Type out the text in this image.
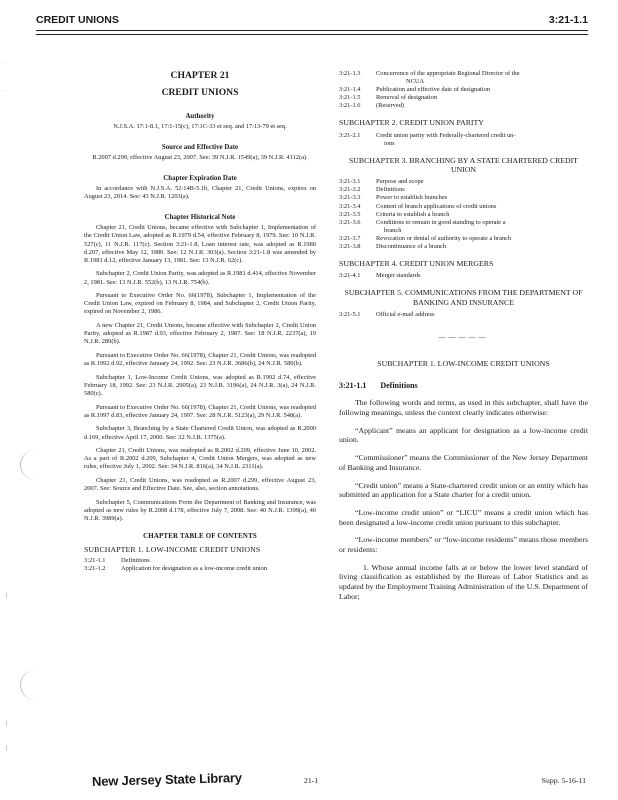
CREDIT UNIONS	3:21-1.1
CHAPTER 21
CREDIT UNIONS
Authority

N.J.S.A. 17:1-8.1, 17:1-15(c), 17:1C-33 et seq. and 17:13-79 et seq.

Source and Effective Date

R.2007 d.299, effective August 23, 2007. See: 39 N.J.R. 1549(a), 39 N.J.R. 4112(a).

Chapter Expiration Date

In accordance with N.J.S.A. 52:14B-5.1b, Chapter 21, Credit Unions, expires on August 23, 2014. See: 43 N.J.R. 1203(a).

Chapter Historical Note

Chapter 21, Credit Unions, became effective with Subchapter 1, Implementation of the Credit Union Law, adopted as R.1979 d.54, effective February 8, 1979. See: 10 N.J.R. 527(c), 11 N.J.R. 117(c). Section 3:21-1.8, Loan interest rate, was adopted as R.1980 d.207, effective May 12, 1980. See: 12 N.J.R. 303(a). Section 3:21-1.8 was amended by R.1981 d.12, effective January 13, 1981. See: 13 N.J.R. 62(c).

Subchapter 2, Credit Union Parity, was adopted as R.1981 d.414, effective November 2, 1981. See: 13 N.J.R. 552(b), 13 N.J.R. 754(b).

Pursuant to Executive Order No. 66(1978), Subchapter 1, Implementation of the Credit Union Law, expired on February 8, 1984, and Subchapter 2, Credit Union Parity, expired on November 2, 1986.

A new Chapter 21, Credit Unions, became effective with Subchapter 2, Credit Union Parity, adopted as R.1987 d.93, effective February 2, 1987. See: 18 N.J.R. 2237(a), 19 N.J.R. 289(b).

Pursuant to Executive Order No. 66(1978), Chapter 21, Credit Unions, was readopted as R.1992 d.92, effective January 24, 1992. See: 23 N.J.R. 3686(b), 24 N.J.R. 580(b).

Subchapter 1, Low-Income Credit Unions, was adopted as R.1992 d.74, effective February 18, 1992. See: 23 N.J.R. 2905(a), 23 N.J.R. 3196(a), 24 N.J.R. 3(a), 24 N.J.R. 580(c).

Pursuant to Executive Order No. 66(1978), Chapter 21, Credit Unions, was readopted as R.1997 d.83, effective January 24, 1997. See: 28 N.J.R. 5123(a), 29 N.J.R. 548(a).

Subchapter 3, Branching by a State Chartered Credit Union, was adopted as R.2000 d.169, effective April 17, 2000. See: 32 N.J.R. 1375(a).

Chapter 21, Credit Unions, was readopted as R.2002 d.209, effective June 10, 2002. As a part of R.2002 d.209, Subchapter 4, Credit Union Mergers, was adopted as new rules, effective July 1, 2002. See: 34 N.J.R. 816(a), 34 N.J.R. 2311(a).

Chapter 21, Credit Unions, was readopted as R.2007 d.299, effective August 23, 2007. See: Source and Effective Date. See, also, section annotations.

Subchapter 5, Communications From the Department of Banking and Insurance, was adopted as new rules by R.2008 d.178, effective July 7, 2008. See: 40 N.J.R. 1399(a), 40 N.J.R. 3989(a).

CHAPTER TABLE OF CONTENTS
SUBCHAPTER 1. LOW-INCOME CREDIT UNIONS
3:21-1.1	Definitions
3:21-1.2	Application for designation as a low-income credit union
3:21-1.3	Concurrence of the appropriate Regional Director of the
NCUA
3:21-1.4	Publication and effective date of designation
3:21-1.5	Removal of designation
3:21-1.6	(Reserved)
SUBCHAPTER 2. CREDIT UNION PARITY
3:21-2.1	Credit union parity with Federally-chartered credit un-
ions
SUBCHAPTER 3. BRANCHING BY A STATE CHARTERED CREDIT UNION
3:21-3.1	Purpose and scope
3:21-3.2	Definitions
3:21-3.3	Power to establish branches
3:21-3.4	Content of branch applications of credit unions
3:21-3.5	Criteria to establish a branch
3:21-3.6	Conditions to remain in good standing to operate a
branch
3:21-3.7	Revocation or denial of authority to operate a branch
3:21-3.8	Discontinuance of a branch
SUBCHAPTER 4. CREDIT UNION MERGERS
3:21-4.1	Merger standards
SUBCHAPTER 5. COMMUNICATIONS FROM THE DEPARTMENT OF BANKING AND INSURANCE
3:21-5.1	Official e-mail address
—————
SUBCHAPTER 1. LOW-INCOME CREDIT UNIONS
3:21-1.1 Definitions

The following words and terms, as used in this subchapter, shall have the following meanings, unless the context clearly indicates otherwise:

“Applicant” means an applicant for designation as a low-income credit union.

“Commissioner” means the Commissioner of the New Jersey Department of Banking and Insurance.

“Credit union” means a State-chartered credit union or an entity which has submitted an application for a State charter for a credit union.

“Low-income credit union” or “LICU” means a credit union which has been designated a low-income credit union pursuant to this subchapter.

“Low-income members” or “low-income residents” means those members or residents:

1. Whose annual income falls at or below the lower level standard of living classification as established by the Bureau of Labor Statistics and as updated by the Employment Training Administration of the U.S. Department of Labor;

New Jersey State Library	21-1	Supp. 5-16-11
